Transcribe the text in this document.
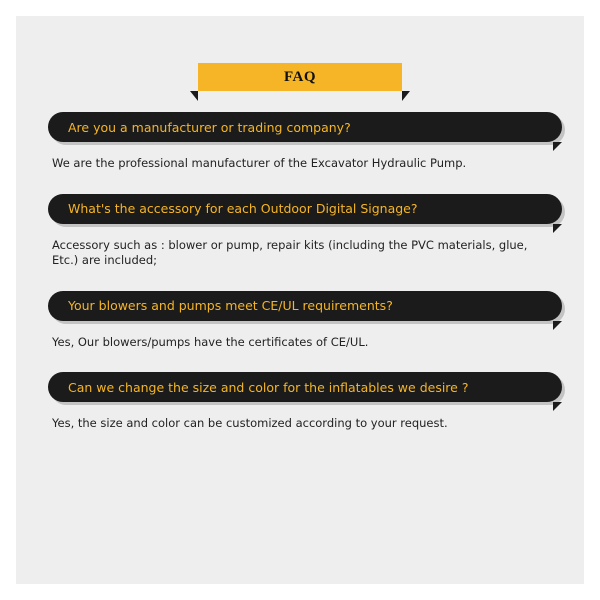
FAQ
Are you a manufacturer or trading company?
We are the professional manufacturer of the Excavator Hydraulic Pump.
What's the accessory for each Outdoor Digital Signage?
Accessory such as : blower or pump, repair kits (including the PVC materials, glue, Etc.) are included;
Your blowers and pumps meet CE/UL requirements?
Yes, Our blowers/pumps have the certificates of CE/UL.
Can we change the size and color for the inflatables we desire ?
Yes, the size and color can be customized according to your request.
